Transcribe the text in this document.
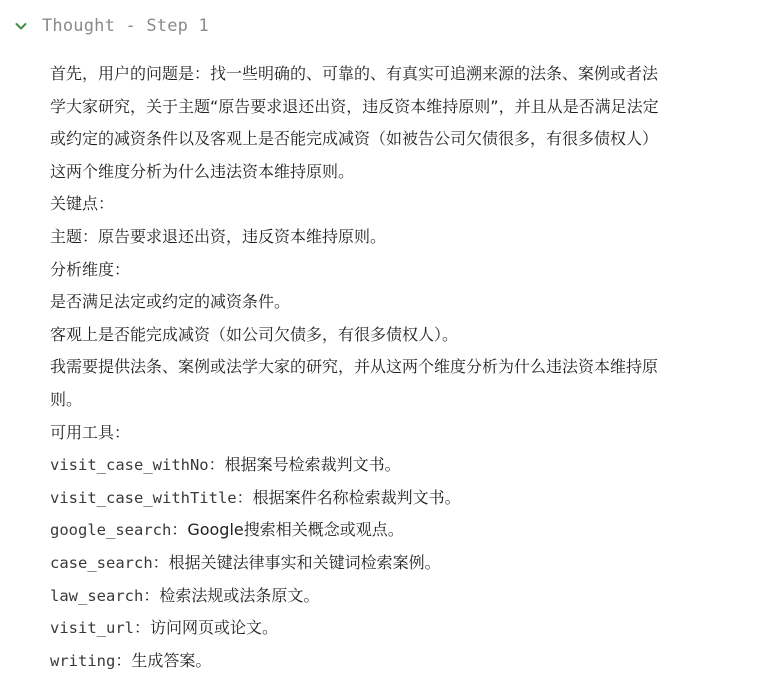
Thought - Step 1
首先，用户的问题是：找一些明确的、可靠的、有真实可追溯来源的法条、案例或者法
学大家研究，关于主题“原告要求退还出资，违反资本维持原则”，并且从是否满足法定
或约定的减资条件以及客观上是否能完成减资（如被告公司欠债很多，有很多债权人）
这两个维度分析为什么违法资本维持原则。
关键点：
主题：原告要求退还出资，违反资本维持原则。
分析维度：
是否满足法定或约定的减资条件。
客观上是否能完成减资（如公司欠债多，有很多债权人）。
我需要提供法条、案例或法学大家的研究，并从这两个维度分析为什么违法资本维持原
则。
可用工具：
visit_case_withNo：根据案号检索裁判文书。
visit_case_withTitle：根据案件名称检索裁判文书。
google_search：Google搜索相关概念或观点。
case_search：根据关键法律事实和关键词检索案例。
law_search：检索法规或法条原文。
visit_url：访问网页或论文。
writing：生成答案。
